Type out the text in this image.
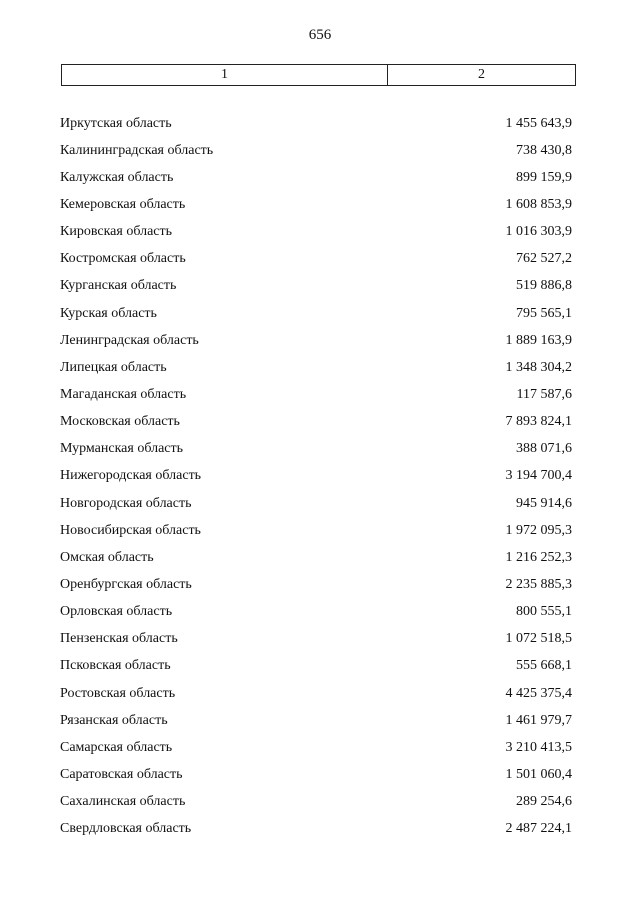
656
1	2
Иркутская область	1 455 643,9
Калининградская область	738 430,8
Калужская область	899 159,9
Кемеровская область	1 608 853,9
Кировская область	1 016 303,9
Костромская область	762 527,2
Курганская область	519 886,8
Курская область	795 565,1
Ленинградская область	1 889 163,9
Липецкая область	1 348 304,2
Магаданская область	117 587,6
Московская область	7 893 824,1
Мурманская область	388 071,6
Нижегородская область	3 194 700,4
Новгородская область	945 914,6
Новосибирская область	1 972 095,3
Омская область	1 216 252,3
Оренбургская область	2 235 885,3
Орловская область	800 555,1
Пензенская область	1 072 518,5
Псковская область	555 668,1
Ростовская область	4 425 375,4
Рязанская область	1 461 979,7
Самарская область	3 210 413,5
Саратовская область	1 501 060,4
Сахалинская область	289 254,6
Свердловская область	2 487 224,1
